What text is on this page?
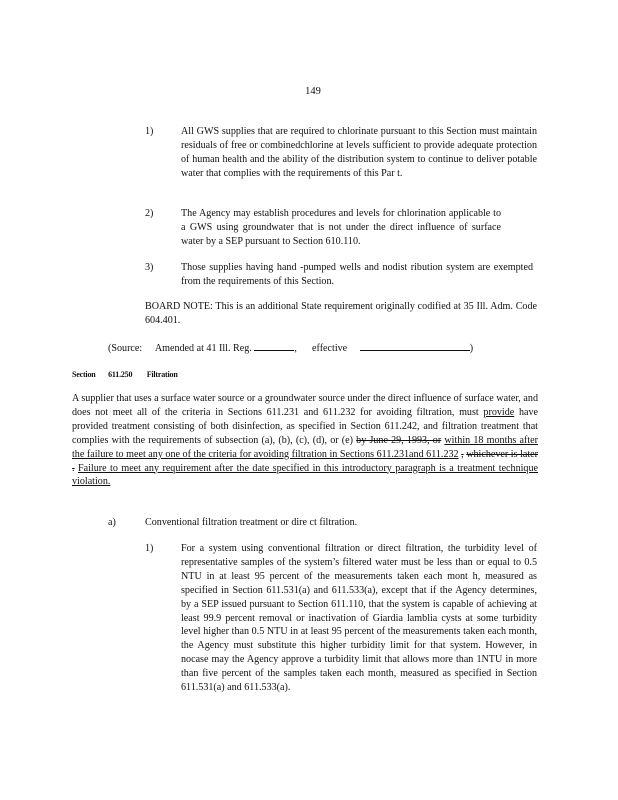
149
1)	All GWS supplies that are required to chlorinate pursuant to this Section must maintain residuals of free or combinedchlorine at levels sufficient to provide adequate protection of human health and the ability of the distribution system to continue to deliver potable water that complies with the requirements of this Par t.
2)	The Agency may establish procedures and levels for chlorination applicable to a GWS using groundwater that is not under the direct influence of surface water by a SEP pursuant to Section 610.110.
3)	Those supplies having hand -pumped wells and nodist ribution system are exempted from the requirements of this Section.
BOARD NOTE: This is an additional State requirement originally codified at 35 Ill. Adm. Code 604.401.
(Source: Amended at 41 Ill. Reg.	,      effective	)
Section 611.250 Filtration
A supplier that uses a surface water source or a groundwater source under the direct influence of surface water, and does not meet all of the criteria in Sections 611.231 and 611.232 for avoiding filtration, must provide have provided treatment consisting of both disinfection, as specified in Section 611.242, and filtration treatment that complies with the requirements of subsection (a), (b), (c), (d), or (e) by June 29, 1993, or within 18 months after the failure to meet any one of the criteria for avoiding filtration in Sections 611.231and 611.232 , whichever is later . Failure to meet any requirement after the date specified in this introductory paragraph is a treatment technique violation.
a)	Conventional filtration treatment or dire ct filtration.
1)	For a system using conventional filtration or direct filtration, the turbidity level of representative samples of the system’s filtered water must be less than or equal to 0.5 NTU in at least 95 percent of the measurements taken each mont h, measured as specified in Section 611.531(a) and 611.533(a), except that if the Agency determines, by a SEP issued pursuant to Section 611.110, that the system is capable of achieving at least 99.9 percent removal or inactivation of Giardia lamblia cysts at some turbidity level higher than 0.5 NTU in at least 95 percent of the measurements taken each month, the Agency must substitute this higher turbidity limit for that system. However, in nocase may the Agency approve a turbidity limit that allows more than 1NTU in more than five percent of the samples taken each month, measured as specified in Section 611.531(a) and 611.533(a).
